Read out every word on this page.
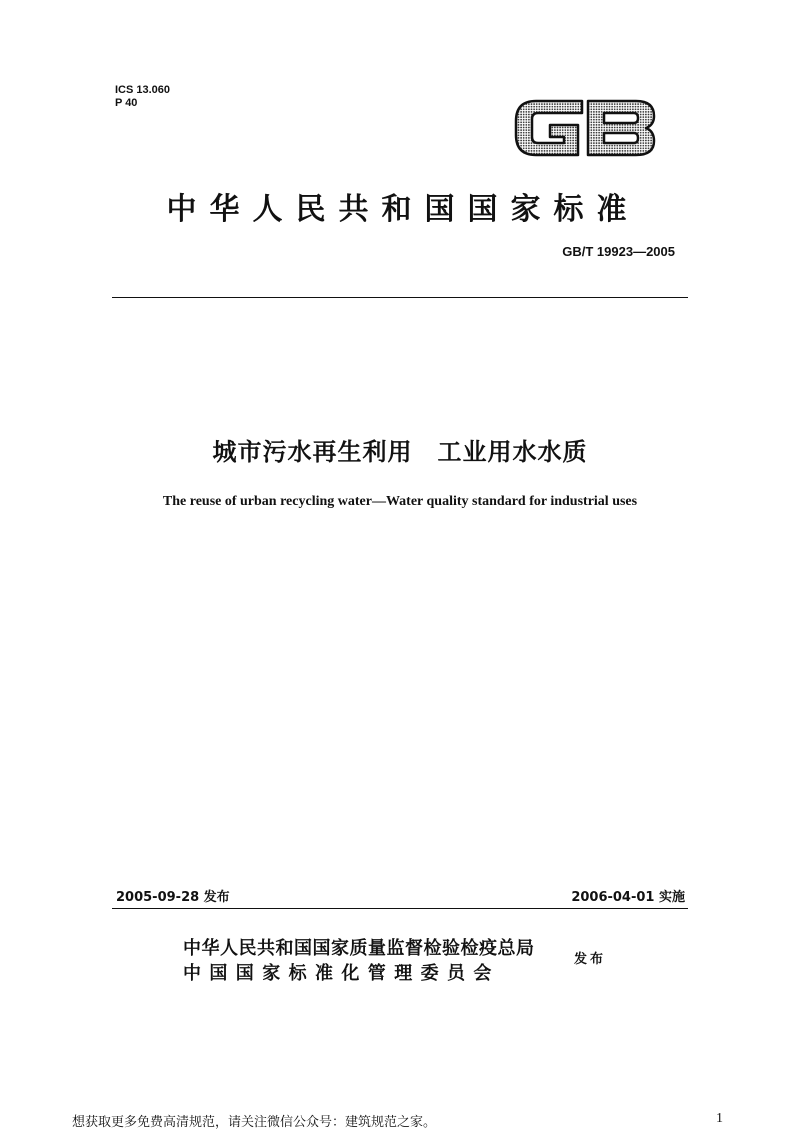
ICS 13.060
P 40
中华人民共和国国家标准
GB/T 19923—2005
城市污水再生利用　工业用水水质
The reuse of urban recycling water—Water quality standard for industrial uses
2005-09-28 发布	2006-04-01 实施
中华人民共和国国家质量监督检验检疫总局
中国国家标准化管理委员会
发布
想获取更多免费高清规范，请关注微信公众号：建筑规范之家。	1
